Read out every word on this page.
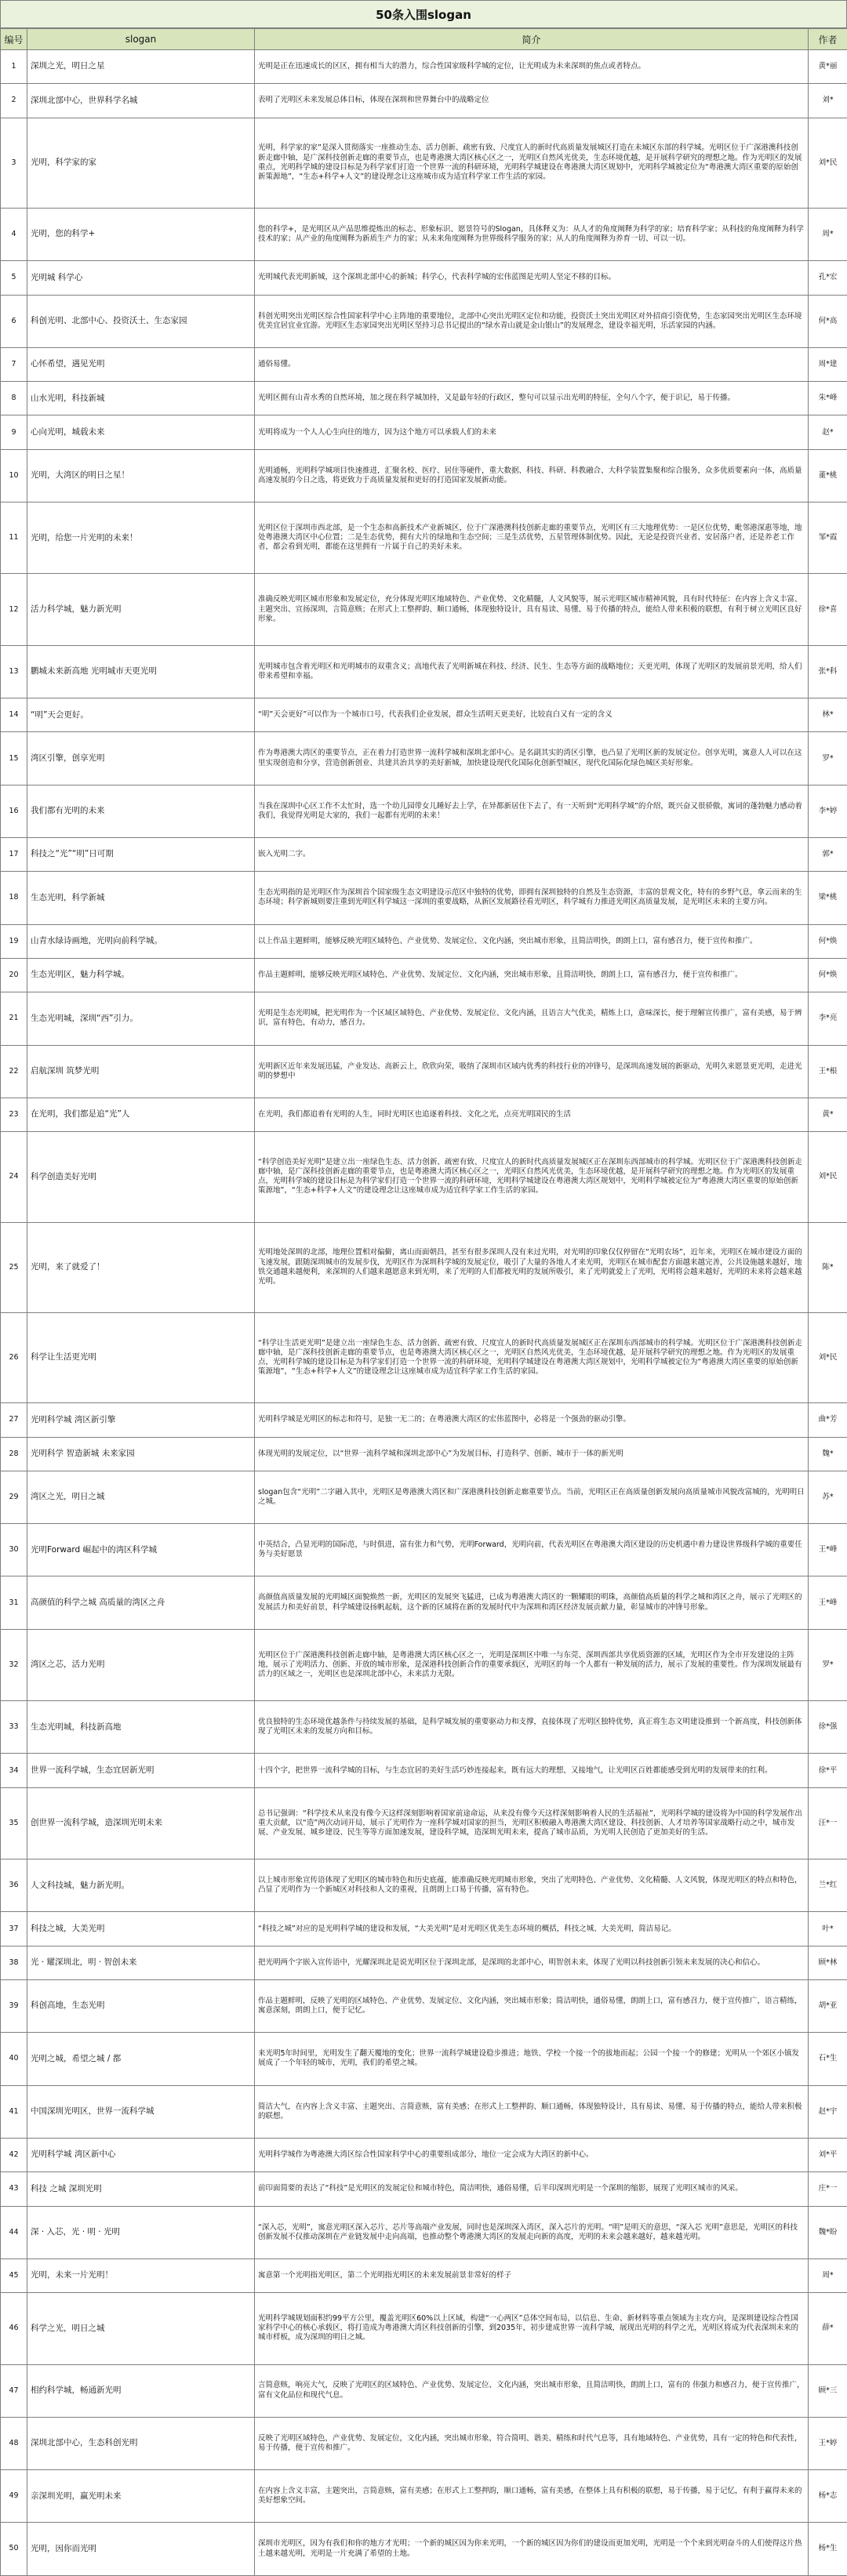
50条入围slogan
编号	slogan	简介	作者
1	深圳之光，明日之星	光明是正在迅速成长的区区，拥有相当大的潜力，综合性国家级科学城的定位，让光明成为未来深圳的焦点或者特点。	黄*丽
2	深圳北部中心，世界科学名城	表明了光明区未来发展总体目标，体现在深圳和世界舞台中的战略定位	刘*
3	光明，科学家的家	光明，科学家的家”是深入贯彻落实一座推动生态、活力创新、疏密有致、尺度宜人的新时代高质量发展城区打造在未城区东部的科学城。光明区位于广深港澳科技创新走廊中轴，是广深科技创新走廊的重要节点，也是粤港澳大湾区核心区之一，光明区自然风光优美，生态环境优越，是开展科学研究的理想之地。作为光明区的发展重点，光明科学城的建设目标是为科学家们打造一个世界一流的科研环境，光明科学城建设在粤港澳大湾区规划中，光明科学城被定位为“粤港澳大湾区重要的原始创新策源地”，“生态+科学+人文”的建设理念让这座城市成为适宜科学家工作生活的家园。	刘*民
4	光明，您的科学+	您的科学+，是光明区从产品思维提炼出的标志、形象标识、愿景符号的Slogan，具体释义为：从人才的角度阐释为科学的家；培育科学家；从科技的角度阐释为科学技术的家；从产业的角度阐释为新质生产力的家；从未来角度阐释为世界级科学服务的家；从人的角度阐释为养育一切、可以一切。	周*
5	光明城 科学心	光明城代表光明新城，这个深圳北部中心的新城；科学心，代表科学城的宏伟蓝图是光明人坚定不移的目标。	孔*宏
6	科创光明、北部中心、投资沃土、生态家园	科创光明突出光明区综合性国家科学中心主阵地的重要地位，北部中心突出光明区定位和功能，投资沃土突出光明区对外招商引资优势，生态家园突出光明区生态环境优美宜居宜业宜游。光明区生态家园突出光明区坚持习总书记提出的“绿水青山就是金山银山”的发展理念，建设幸福光明，乐活家园的内涵。	何*高
7	心怀希望，遇见光明	通俗易懂。	周*建
8	山水光明，科技新城	光明区拥有山青水秀的自然环境，加之现在科学城加持，又是最年轻的行政区，整句可以显示出光明的特征，全句八个字，便于识记，易于传播。	朱*峰
9	心向光明，城载未来	光明将成为一个人人心生向往的地方，因为这个地方可以承载人们的未来	赵*
10	光明，大湾区的明日之星！	光明通畅，光明科学城项目快速推进，汇聚名校、医疗、居住等硬件，重大数据、科技、科研、科教融合、大科学装置集聚和综合服务，众多优质要素向一体，高质量高速发展的今日之选，将更致力于高质量发展和更好的打造国家发展新动能。	董*桃
11	光明，给您一片光明的未来！	光明区位于深圳市西北部，是一个生态和高新技术产业新城区，位于广深港澳科技创新走廊的重要节点，光明区有三大地理优势：一是区位优势，毗邻港深惠等地，地处粤港澳大湾区中心位置；二是生态优势，拥有大片的绿地和生态空间；三是生活优势，五星管理体制优势。因此，无论是投资兴业者、安居落户者，还是养老工作者，都会看到光明，都能在这里拥有一片属于自己的美好未来。	邹*霞
12	活力科学城，魅力新光明	准确反映光明区城市形象和发展定位，充分体现光明区地域特色、产业优势、文化精髓，人文风貌等，展示光明区城市精神风貌，具有时代特征：在内容上含义丰富、主题突出、宣扬深圳、言简意赅；在形式上工整押韵、顺口通畅，体现独特设计，具有易读、易懂、易于传播的特点，能给人带来积极的联想，有利于树立光明区良好形象。	徐*喜
13	鹏城未来新高地 光明城市天更光明	光明城市包含着光明区和光明城市的双重含义；高地代表了光明新城在科技、经济、民生、生态等方面的战略地位；天更光明，体现了光明区的发展前景光明，给人们带来希望和幸福。	张*科
14	“明”天会更好。	“明”天会更好”可以作为一个城市口号，代表我们企业发展，群众生活明天更美好，比较直白又有一定的含义	林*
15	湾区引擎，创享光明	作为粤港澳大湾区的重要节点，正在着力打造世界一流科学城和深圳北部中心。是名副其实的湾区引擎，也凸显了光明区新的发展定位。创享光明，寓意人人可以在这里实现创造和分享，营造创新创业、共建共治共享的美好新城，加快建设现代化国际化创新型城区，现代化国际化绿色城区美好形象。	罗*
16	我们都有光明的未来	当我在深圳中心区工作不太忙时，选一个幼儿园带女儿睡好去上学，在异都新居住下去了，有一天听到“光明科学城”的介绍，既兴奋又很骄傲，寓词的蓬勃魅力感动着我们，我觉得光明是大家的，我们一起都有光明的未来！	李*婷
17	科技之“光”“明”日可期	嵌入光明二字。	郭*
18	生态光明，科学新城	生态光明指的是光明区作为深圳首个国家级生态文明建设示范区中独特的优势，即拥有深圳独特的自然及生态资源，丰富的景观文化，特有的乡野气息，拿云而来的生态环境；科学新城则要注重到光明区科学城这一深圳的重要战略，从新区发展路径看光明区，科学城有力推进光明区高质量发展，是光明区未来的主要方向。	梁*桃
19	山青水绿诗画地，光明向前科学城。	以上作品主题鲜明，能够反映光明区域特色、产业优势、发展定位、文化内涵，突出城市形象，且简洁明快，朗朗上口，富有感召力，便于宣传和推广。	何*焕
20	生态光明区，魅力科学城。	作品主题鲜明，能够反映光明区域特色、产业优势、发展定位、文化内涵，突出城市形象，且简洁明快，朗朗上口，富有感召力，便于宣传和推广。	何*焕
21	生态光明城，深圳“西”引力。	光明是生态光明城，把光明作为一个区域区域特色、产业优势、发展定位、文化内涵，且语言大气优美，精炼上口，意味深长，便于理解宣传推广，富有美感，易于辨识，富有特色，有动力，感召力。	李*亮
22	启航深圳 筑梦光明	光明新区近年来发展迅猛，产业发达、高新云上，欣欣向荣，吸纳了深圳市区域内优秀的科技行业的冲锋号，是深圳高速发展的新驱动，光明久来愿景更光明，走进光明的梦想中	王*根
23	在光明，我们都是追“光”人	在光明，我们都追着有光明的人生，同时光明区也追逐着科技、文化之光，点亮光明国民的生活	黄*
24	科学创造美好光明	“科学创造美好光明”是建立出一座绿色生态、活力创新、疏密有致、尺度宜人的新时代高质量发展城区正在深圳东西部城市的科学城。光明区位于广深港澳科技创新走廊中轴，是广深科技创新走廊的重要节点，也是粤港澳大湾区核心区之一，光明区自然风光优美，生态环境优越，是开展科学研究的理想之地。作为光明区的发展重点，光明科学城的建设目标是为科学家们打造一个世界一流的科研环境，光明科学城建设在粤港澳大湾区规划中，光明科学城被定位为“粤港澳大湾区重要的原始创新策源地”，“生态+科学+人文”的建设理念让这座城市成为适宜科学家工作生活的家园。	刘*民
25	光明，来了就爱了！	光明地处深圳的北部，地理位置相对偏僻，离山而面朝昌，甚至有很多深圳人没有来过光明，对光明的印象仅仅停留在“光明农场”，近年来，光明区在城市建设方面的飞速发展，跟随深圳城市的发展步伐，光明区作为深圳科学城的发展定位，吸引了大量的各地人才来光明，光明区在城市配套方面越来越完善，公共设施越来越好，地铁交通越来越便利，来深圳的人们越来越愿意来到光明，来了光明的人们都被光明的发展所吸引，来了光明就爱上了光明，光明将会越来越好，光明的未来将会越来越光明。	陈*
26	科学让生活更光明	“科学让生活更光明”是建立出一座绿色生态、活力创新、疏密有致、尺度宜人的新时代高质量发展城区正在深圳东西部城市的科学城。光明区位于广深港澳科技创新走廊中轴，是广深科技创新走廊的重要节点，也是粤港澳大湾区核心区之一，光明区自然风光优美，生态环境优越，是开展科学研究的理想之地。作为光明区的发展重点，光明科学城的建设目标是为科学家们打造一个世界一流的科研环境，光明科学城建设在粤港澳大湾区规划中，光明科学城被定位为“粤港澳大湾区重要的原始创新策源地”，“生态+科学+人文”的建设理念让这座城市成为适宜科学家工作生活的家园。	刘*民
27	光明科学城 湾区新引擎	光明科学城是光明区的标志和符号，是独一无二的；在粤港澳大湾区的宏伟蓝图中，必将是一个强劲的驱动引擎。	曲*芳
28	光明科学 智造新城 未来家园	体现光明的发展定位，以“世界一流科学城和深圳北部中心”为发展目标，打造科学、创新、城市于一体的新光明	魏*
29	湾区之光，明日之城	slogan包含“光明”二字融入其中，光明区是粤港澳大湾区和广深港澳科技创新走廊重要节点。当前，光明区正在高质量创新发展向高质量城市风貌改富城的，光明明日之城。	苏*
30	光明Forward 崛起中的湾区科学城	中英结合，凸显光明的国际范，与时俱进，富有张力和气势，光明Forward，光明向前，代表光明区在粤港澳大湾区建设的历史机遇中着力建设世界级科学城的重要任务与美好愿景	王*峰
31	高颜值的科学之城 高质量的湾区之舟	高颜值高质量发展的光明城区面貌焕然一新，光明区的发展突飞猛进，已成为粤港澳大湾区的一颗耀眼的明珠，高颜值高质量的科学之城和湾区之舟，展示了光明区的发展活力和美好前景，科学城建设扬帆起航，这个新的区域将在新的发展时代中为深圳和湾区经济发展贡献力量，彰显城市的冲锋号形象。	王*峰
32	湾区之芯，活力光明	光明区位于广深港澳科技创新走廊中轴，是粤港澳大湾区核心区之一，光明是深圳区中唯一与东莞、深圳西部共享优质资源的区域，光明区作为全市开发建设的主阵地，展示了光明活力、创新、开放的城市形象，是深港科技创新合作的重要承载区，光明区的每一个人都有一种发展的活力，展示了发展的重要性。作为深圳发展最有活力的区域之一，光明区也是深圳北部中心，未来活力无限。	罗*
33	生态光明城，科技新高地	优良独特的生态环境优越条件与持续发展的基础，是科学城发展的重要驱动力和支撑，直接体现了光明区独特优势，真正将生态文明建设推到一个新高度，科技创新体现了光明区未来的发展方向和目标。	徐*强
34	世界一流科学城，生态宜居新光明	十四个字，把世界一流科学城的目标，与生态宜居的美好生活巧妙连接起来，既有远大的理想，又接地气，让光明区百姓都能感受到光明的发展带来的红利。	徐*平
35	创世界一流科学城，造深圳光明未来	总书记强调：“科学技术从来没有像今天这样深刻影响着国家前途命运，从来没有像今天这样深刻影响着人民的生活福祉”，光明科学城的建设将为中国的科学发展作出重大贡献，以“造”两次动词开局，展示了光明作为一座科学城对国家的担当，光明区积极融入粤港澳大湾区建设、科技创新、人才培养等国家战略行动之中，城市发展、产业发展、城乡建设、民生等等方面加速发展，建设科学城，造深圳光明未来，提高了城市品质，为光明人民创造了更加美好的生活。	汪*一
36	人文科技城，魅力新光明。	以上城市形象宣传语体现了光明区的城市特色和历史底蕴，能准确反映光明城市形象，突出了光明特色、产业优势、文化精髓、人文风貌，体现光明区的特点和特色，凸显了光明作为一个新城区对科技和人文的重视，且朗朗上口易于传播，富有特色。	兰*红
37	科技之城，大美光明	“科技之城”对应的是光明科学城的建设和发展，“大美光明”是对光明区优美生态环境的概括，科技之城、大美光明，简洁易记。	叶*
38	光 · 耀深圳北，明 · 智创未来	把光明两个字嵌入宣传语中，光耀深圳北是说光明区位于深圳北部，是深圳的北部中心，明智创未来，体现了光明以科技创新引领未来发展的决心和信心。	顾*林
39	科创高地，生态光明	作品主题鲜明，反映了光明的区域特色、产业优势、发展定位、文化内涵，突出城市形象；简洁明快，通俗易懂，朗朗上口，富有感召力，便于宣传推广，语言精练，寓意深刻，朗朗上口，便于记忆。	胡*亚
40	光明之城，希望之城 / 都	来光明5年时间里，光明发生了翻天覆地的变化；世界一流科学城建设稳步推进；地铁、学校一个接一个的拔地而起；公园一个接一个的修建；光明从一个郊区小镇发展成了一个年轻的城市，光明，我们的希望之城。	石*生
41	中国深圳光明区，世界一流科学城	简洁大气，在内容上含义丰富、主题突出、言简意赅，富有美感；在形式上工整押韵、顺口通畅，体现独特设计，具有易读、易懂、易于传播的特点，能给人带来积极的联想。	赵*宇
42	光明科学城 湾区新中心	光明科学城作为粤港澳大湾区综合性国家科学中心的重要组成部分，地位一定会成为大湾区的新中心。	刘*平
43	科技 之城 深圳光明	前印面简要的表达了“科技”是光明区的发展定位和城市特色，简洁明快，通俗易懂，后半印深圳光明是一个深圳的缩影，展现了光明区城市的风采。	庄*一
44	深 · 入芯，光 · 明 · 光明	“深入芯，光明”，寓意光明区深入芯片、芯片等高端产业发展，同时也是深圳深入湾区，深入芯片的光明。“明”是明天的意思，“深入芯 光明”意思是，光明区的科技创新发展不仅推动深圳在产业链发展中走向高端，也推动整个粤港澳大湾区的发展走向新的高度，光明的未来会越来越好，越来越光明。	魏*盼
45	光明，未来一片光明！	寓意第一个光明指光明区，第二个光明指光明区的未来发展前景非常好的样子	周*
46	科学之光，明日之城	光明科学城规划面积约99平方公里，覆盖光明区60%以上区域，构建“一心两区”总体空间布局，以信息、生命、新材料等重点领域为主攻方向，是深圳建设综合性国家科学中心的核心承载区，将打造成为粤港澳大湾区科技创新的引擎，到2035年，初步建成世界一流科学城，展现出光明的科学之光，光明区将成为代表深圳未来的城市样板，成为深圳的明日之城。	薛*
47	相约科学城，畅通新光明	言简意赅，响亮大气，反映了光明区的区域特色、产业优势、发展定位、文化内涵，突出城市形象，且简洁明快，朗朗上口，富有的 伟强力和感召力，便于宣传推广，富有文化品位和现代气息。	顾*三
48	深圳北部中心，生态科创光明	反映了光明区域特色，产业优势、发展定位，文化内涵，突出城市形象，符合简明、谐美、精练和时代气息等，具有地域特色、产业优势，具有一定的特色和代表性，易于传播，便于宣传和推广。	王*婷
49	亲深圳光明，赢光明未来	在内容上含义丰富，主题突出，言简意赅，富有美感；在形式上工整押韵，顺口通畅，富有美感，在整体上具有积极的联想，易于传播，易于记忆，有利于赢得未来的美好想象空间。	杨*志
50	光明，因你而光明	深圳市光明区，因为有我们和你的地方才光明；一个新的城区因为你来光明，一个新的城区因为你们的建设而更加光明，光明是一个个来到光明奋斗的人们使得这片热土越来越光明，光明是一片充满了希望的土地。	杨*生
